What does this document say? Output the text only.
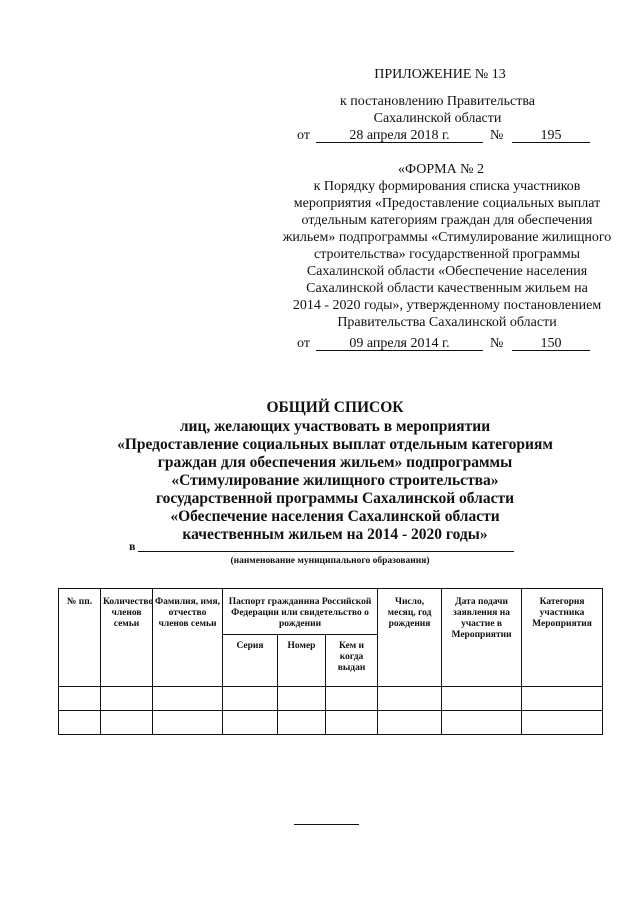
ПРИЛОЖЕНИЕ № 13
к постановлению Правительства
Сахалинской области
от	28 апреля 2018 г.	№	195
«ФОРМА № 2
к Порядку формирования списка участников
мероприятия «Предоставление социальных выплат
отдельным категориям граждан для обеспечения
жильем» подпрограммы «Стимулирование жилищного
строительства» государственной программы
Сахалинской области «Обеспечение населения
Сахалинской области качественным жильем на
2014 - 2020 годы», утвержденному постановлением
Правительства Сахалинской области
от	09 апреля 2014 г.	№	150
ОБЩИЙ СПИСОК
лиц, желающих участвовать в мероприятии
«Предоставление социальных выплат отдельным категориям
граждан для обеспечения жильем» подпрограммы
«Стимулирование жилищного строительства»
государственной программы Сахалинской области
«Обеспечение населения Сахалинской области
качественным жильем на 2014 - 2020 годы»
в
(наименование муниципального образования)
№ пп.	Количество членов семьи	Фамилия, имя, отчество членов семьи	Паспорт гражданина Российской Федерации или свидетельство о рождении			Число, месяц, год рождения	Дата подачи заявления на участие в Мероприятии	Категория участника Мероприятия
			Серия	Номер	Кем и когда выдан			
